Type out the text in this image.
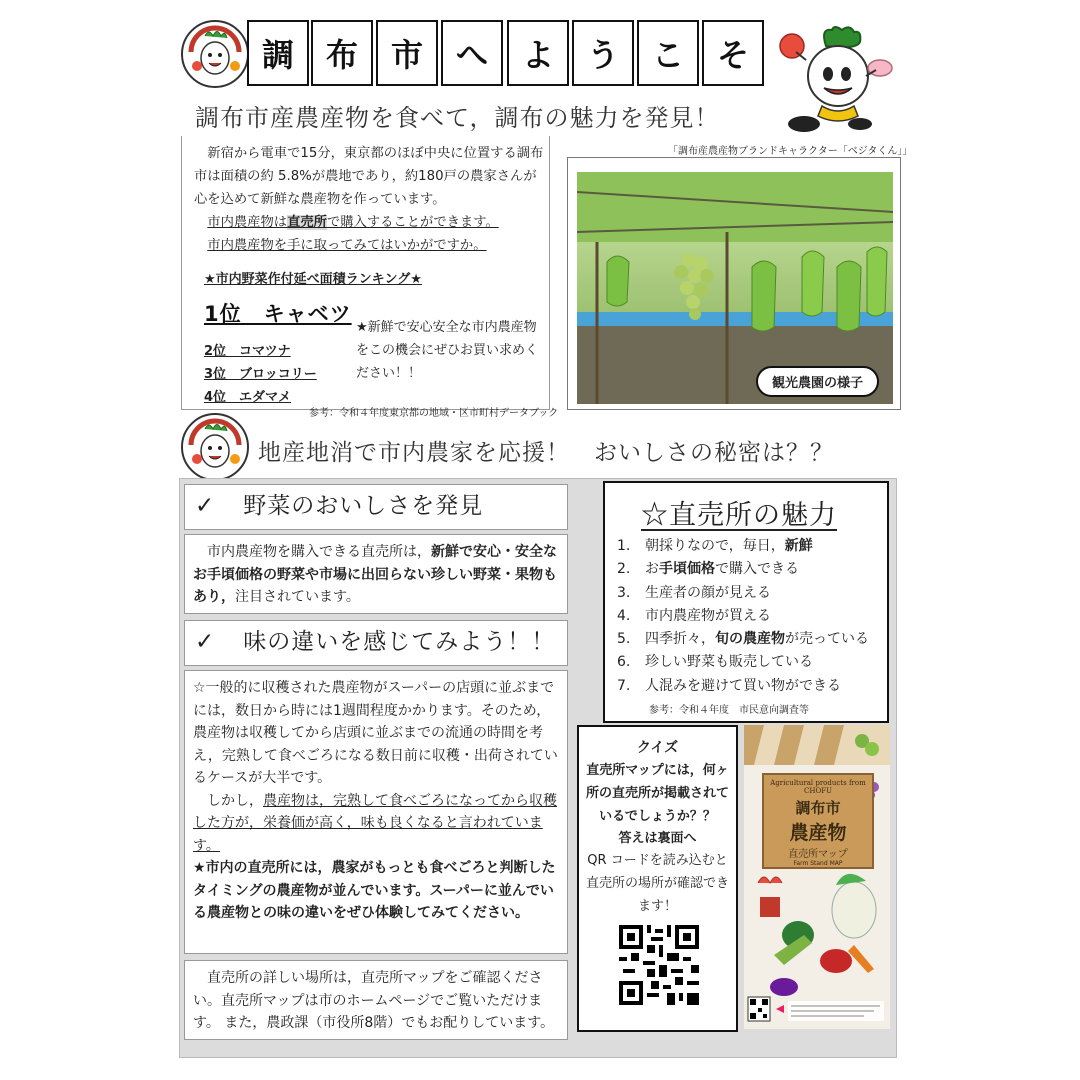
調 布	市	へ	よ	う	こ	そ
調布市産農産物を食べて，調布の魅力を発見！
「調布産農産物ブランドキャラクター「ベジタくん」」

新宿から電車で15分，東京都のほぼ中央に位置する調布市は面積の約 5.8%が農地であり，約180戸の農家さんが心を込めて新鮮な農産物を作っています。

市内農産物は直売所で購入することができます。

市内農産物を手に取ってみてはいかがですか。

★市内野菜作付延べ面積ランキング★
1位　キャベツ
2位　コマツナ
3位　ブロッコリー
4位　エダマメ
★新鮮で安心安全な市内農産物をこの機会にぜひお買い求めください！！
参考：令和４年度東京都の地域・区市町村データブック
観光農園の様子
地産地消で市内農家を応援！　おいしさの秘密は？？
✓ 野菜のおいしさを発見

市内農産物を購入できる直売所は，新鮮で安心・安全なお手頃価格の野菜や市場に出回らない珍しい野菜・果物もあり，注目されています。

✓ 味の違いを感じてみよう！！

☆一般的に収穫された農産物がスーパーの店頭に並ぶまでには，数日から時には1週間程度かかります。そのため，農産物は収穫してから店頭に並ぶまでの流通の時間を考え，完熟して食べごろになる数日前に収穫・出荷されているケースが大半です。

しかし，農産物は，完熟して食べごろになってから収穫した方が，栄養価が高く，味も良くなると言われています。

★市内の直売所には，農家がもっとも食べごろと判断したタイミングの農産物が並んでいます。スーパーに並んでいる農産物との味の違いをぜひ体験してみてください。

直売所の詳しい場所は，直売所マップをご確認ください。直売所マップは市のホームページでご覧いただけます。 また，農政課（市役所8階）でもお配りしています。

☆直売所の魅力
1. 朝採りなので，毎日，新鮮
2. お手頃価格で購入できる
3. 生産者の顔が見える
4. 市内農産物が買える
5. 四季折々，旬の農産物が売っている
6. 珍しい野菜も販売している
7. 人混みを避けて買い物ができる
参考：令和４年度　市民意向調査等
クイズ
直売所マップには，何ヶ所の直売所が掲載されているでしょうか？？
答えは裏面へ
QR コードを読み込むと直売所の場所が確認できます！
Agricultural products from CHOFU
調布市
農産物
直売所マップ
Farm Stand MAP
